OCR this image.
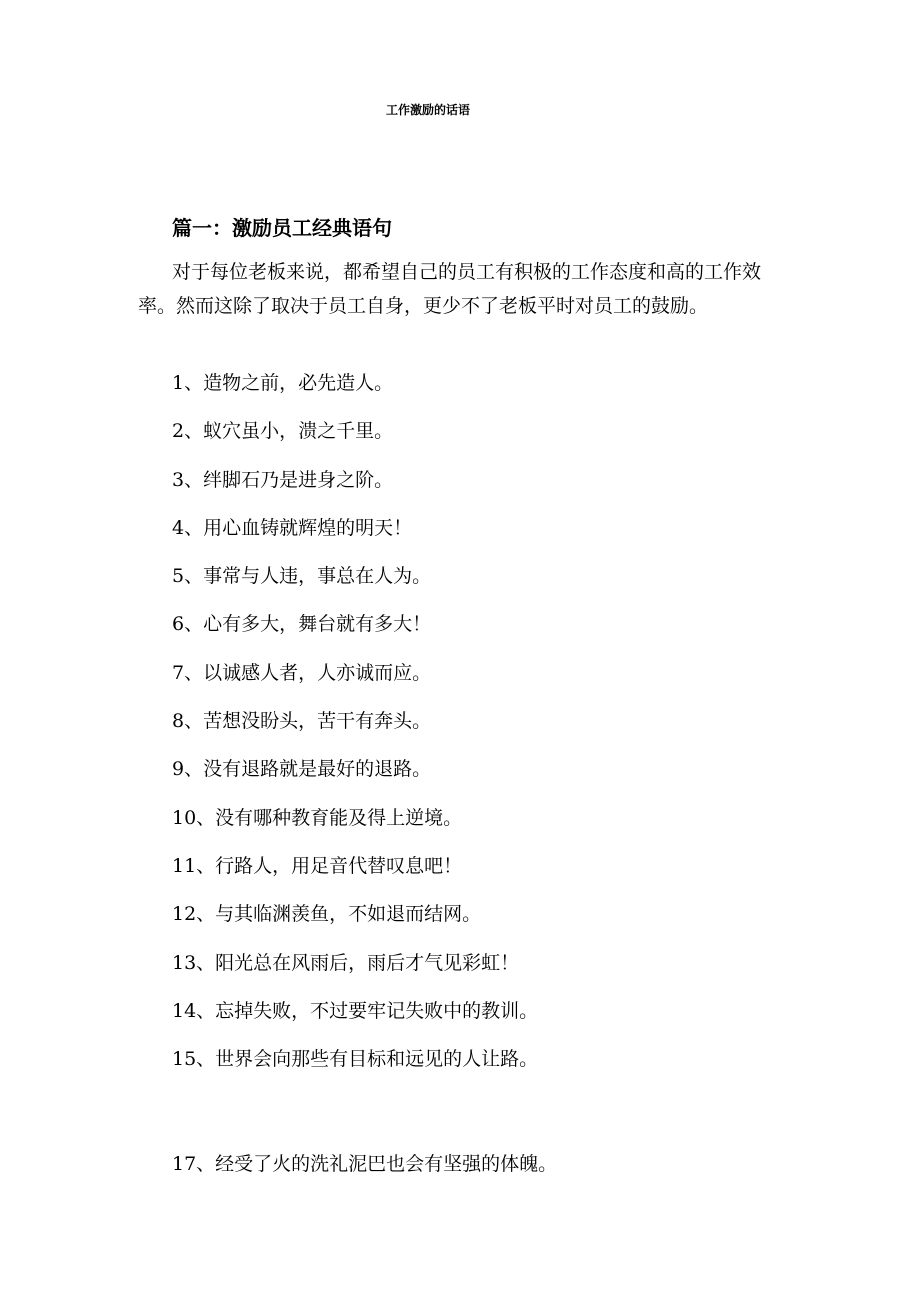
工作激励的话语
篇一：激励员工经典语句

对于每位老板来说，都希望自己的员工有积极的工作态度和高的工作效率。然而这除了取决于员工自身，更少不了老板平时对员工的鼓励。

1、造物之前，必先造人。
2、蚁穴虽小，溃之千里。
3、绊脚石乃是进身之阶。
4、用心血铸就辉煌的明天！
5、事常与人违，事总在人为。
6、心有多大，舞台就有多大！
7、以诚感人者，人亦诚而应。
8、苦想没盼头，苦干有奔头。
9、没有退路就是最好的退路。
10、没有哪种教育能及得上逆境。
11、行路人，用足音代替叹息吧！
12、与其临渊羡鱼，不如退而结网。
13、阳光总在风雨后，雨后才气见彩虹！
14、忘掉失败，不过要牢记失败中的教训。
15、世界会向那些有目标和远见的人让路。
17、经受了火的洗礼泥巴也会有坚强的体魄。
